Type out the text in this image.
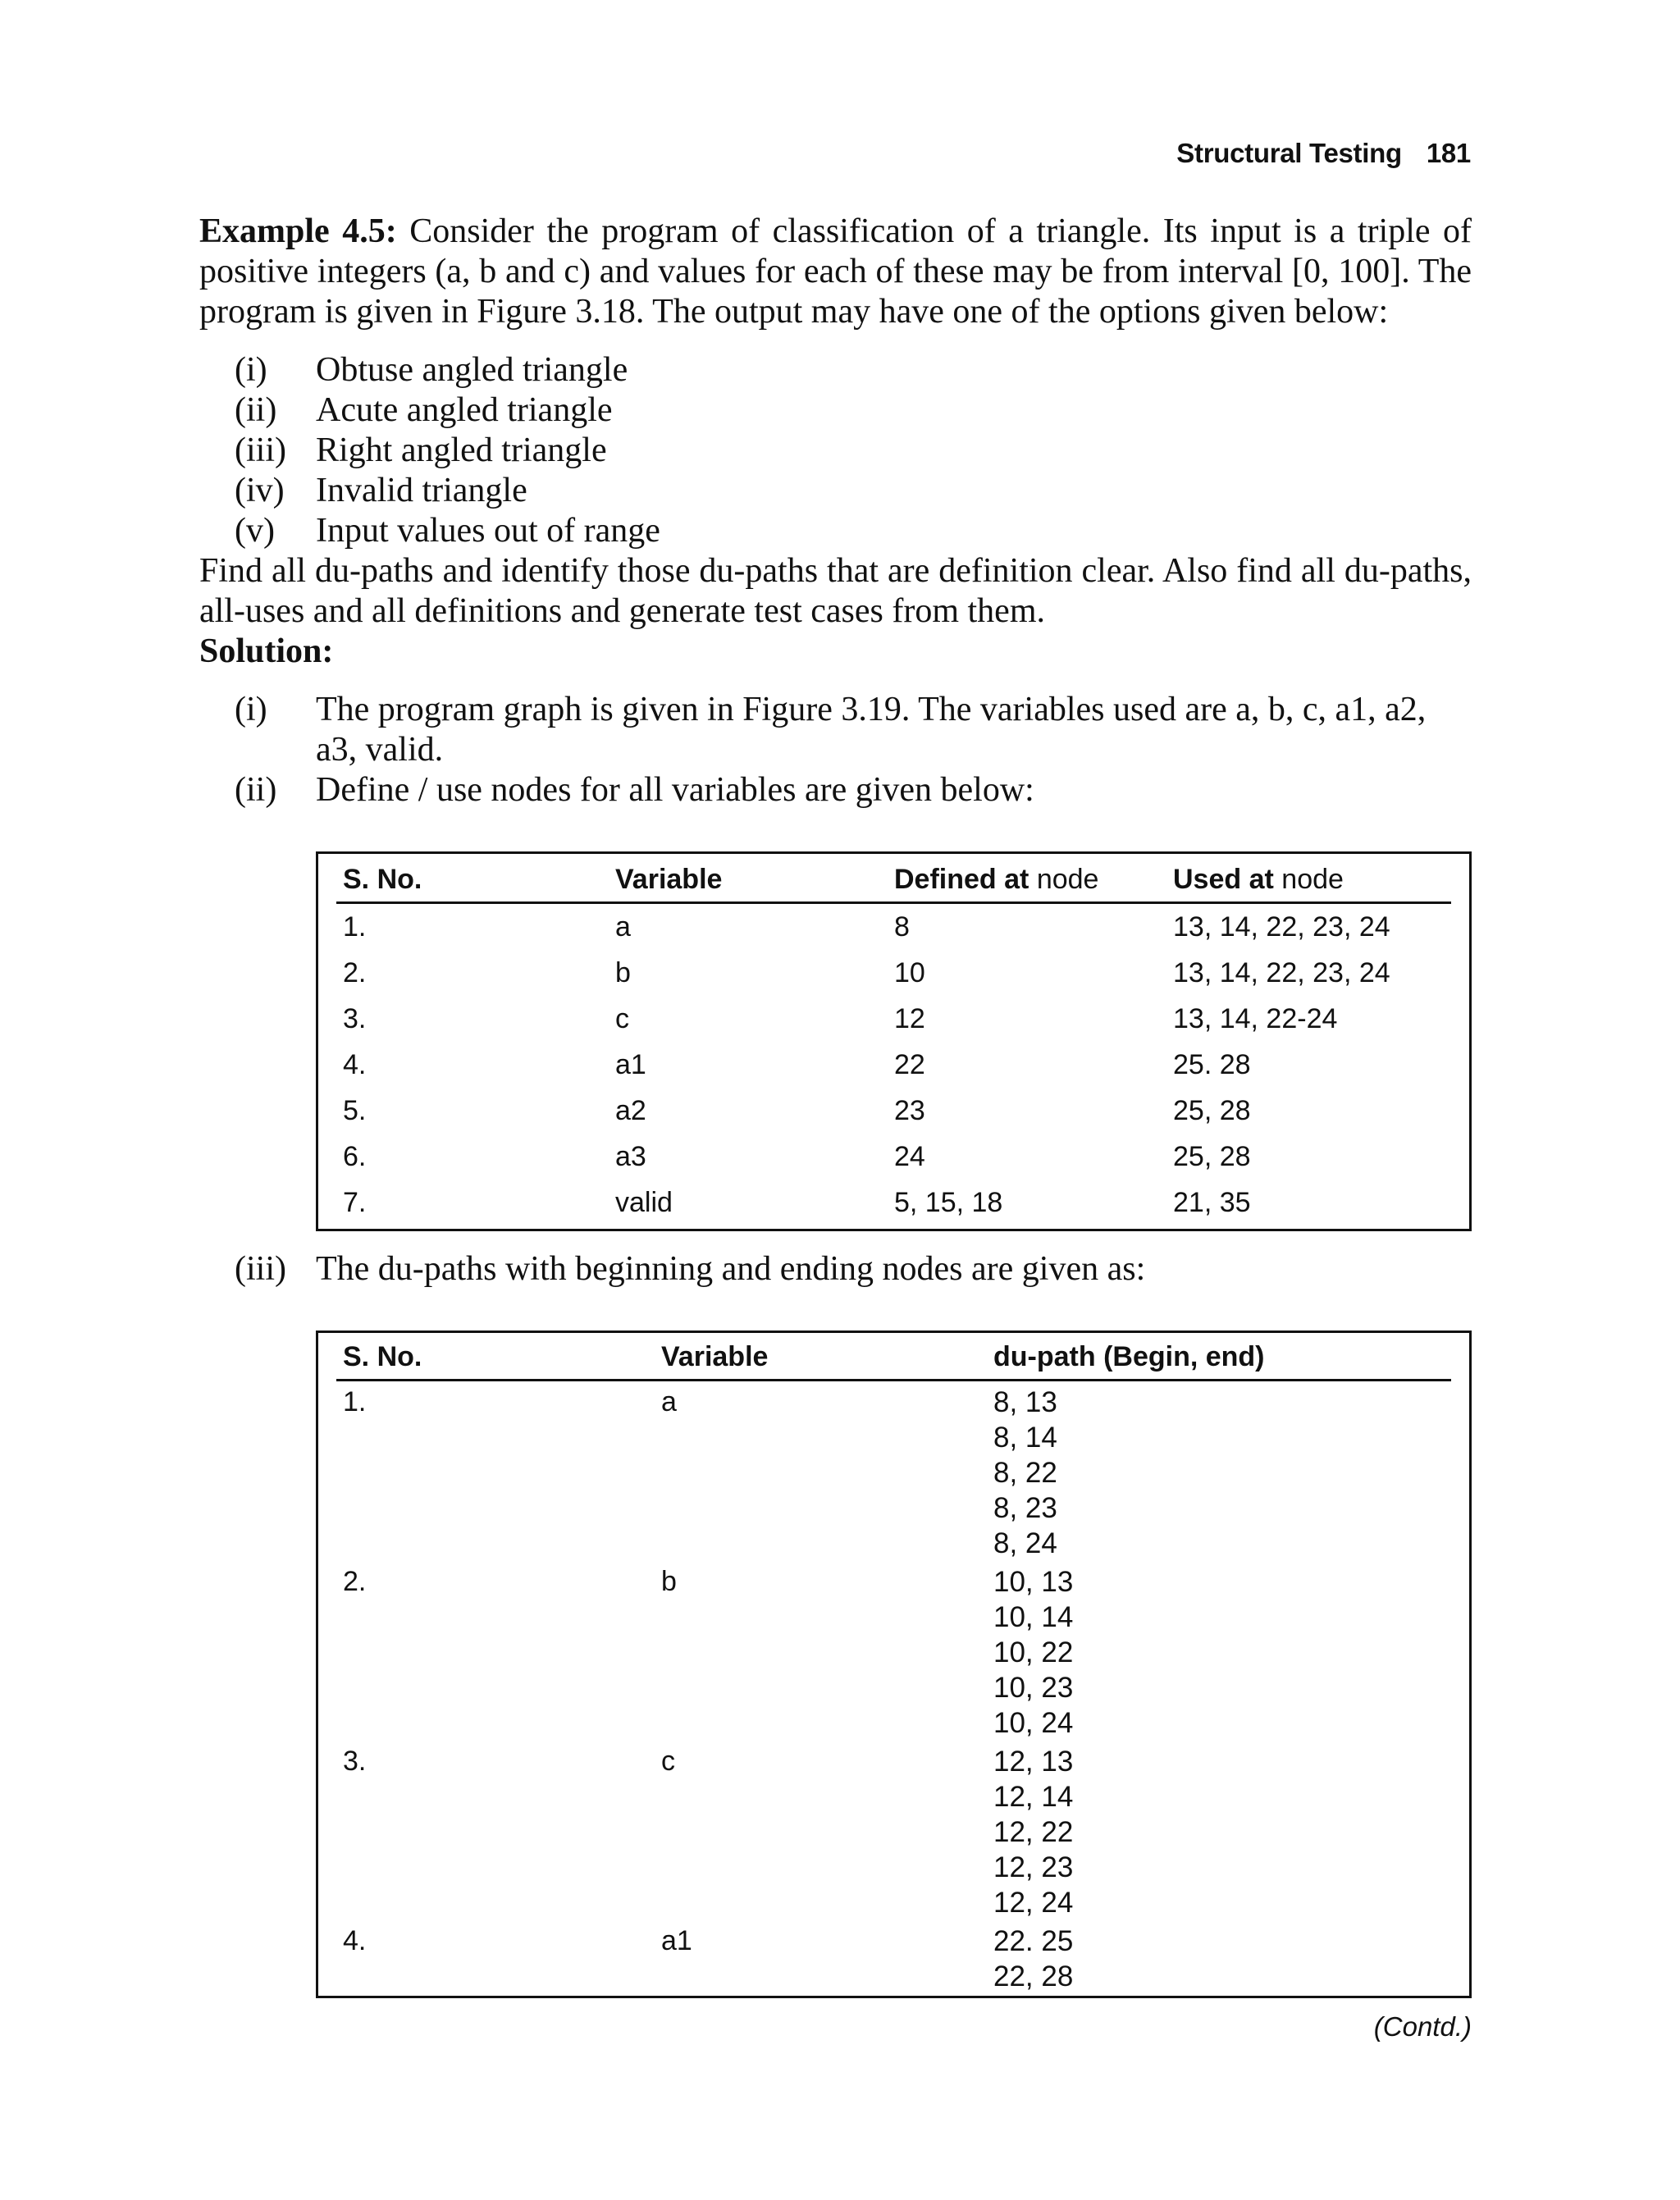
Structural Testing 181

Example 4.5: Consider the program of classification of a triangle. Its input is a triple of positive integers (a, b and c) and values for each of these may be from interval [0, 100]. The program is given in Figure 3.18. The output may have one of the options given below:

(i)	Obtuse angled triangle
(ii)	Acute angled triangle
(iii) Right angled triangle
(iv) Invalid triangle
(v)	Input values out of range

Find all du-paths and identify those du-paths that are definition clear. Also find all du-paths, all-uses and all definitions and generate test cases from them.

Solution:

(i)	The program graph is given in Figure 3.19. The variables used are a, b, c, a1, a2, a3, valid.
(ii)	Define / use nodes for all variables are given below:
S. No.	Variable	Defined at node	Used at node
1.	a	8	13, 14, 22, 23, 24
2.	b	10	13, 14, 22, 23, 24
3.	c	12	13, 14, 22-24
4.	a1	22	25. 28
5.	a2	23	25, 28
6.	a3	24	25, 28
7.	valid	5, 15, 18	21, 35
(iii) The du-paths with beginning and ending nodes are given as:
S. No.	Variable	du-path (Begin, end)
1.	a	8, 13
8, 14
8, 22
8, 23
8, 24
2.	b	10, 13
10, 14
10, 22
10, 23
10, 24
3.	c	12, 13
12, 14
12, 22
12, 23
12, 24
4.	a1	22. 25
22, 28
(Contd.)
